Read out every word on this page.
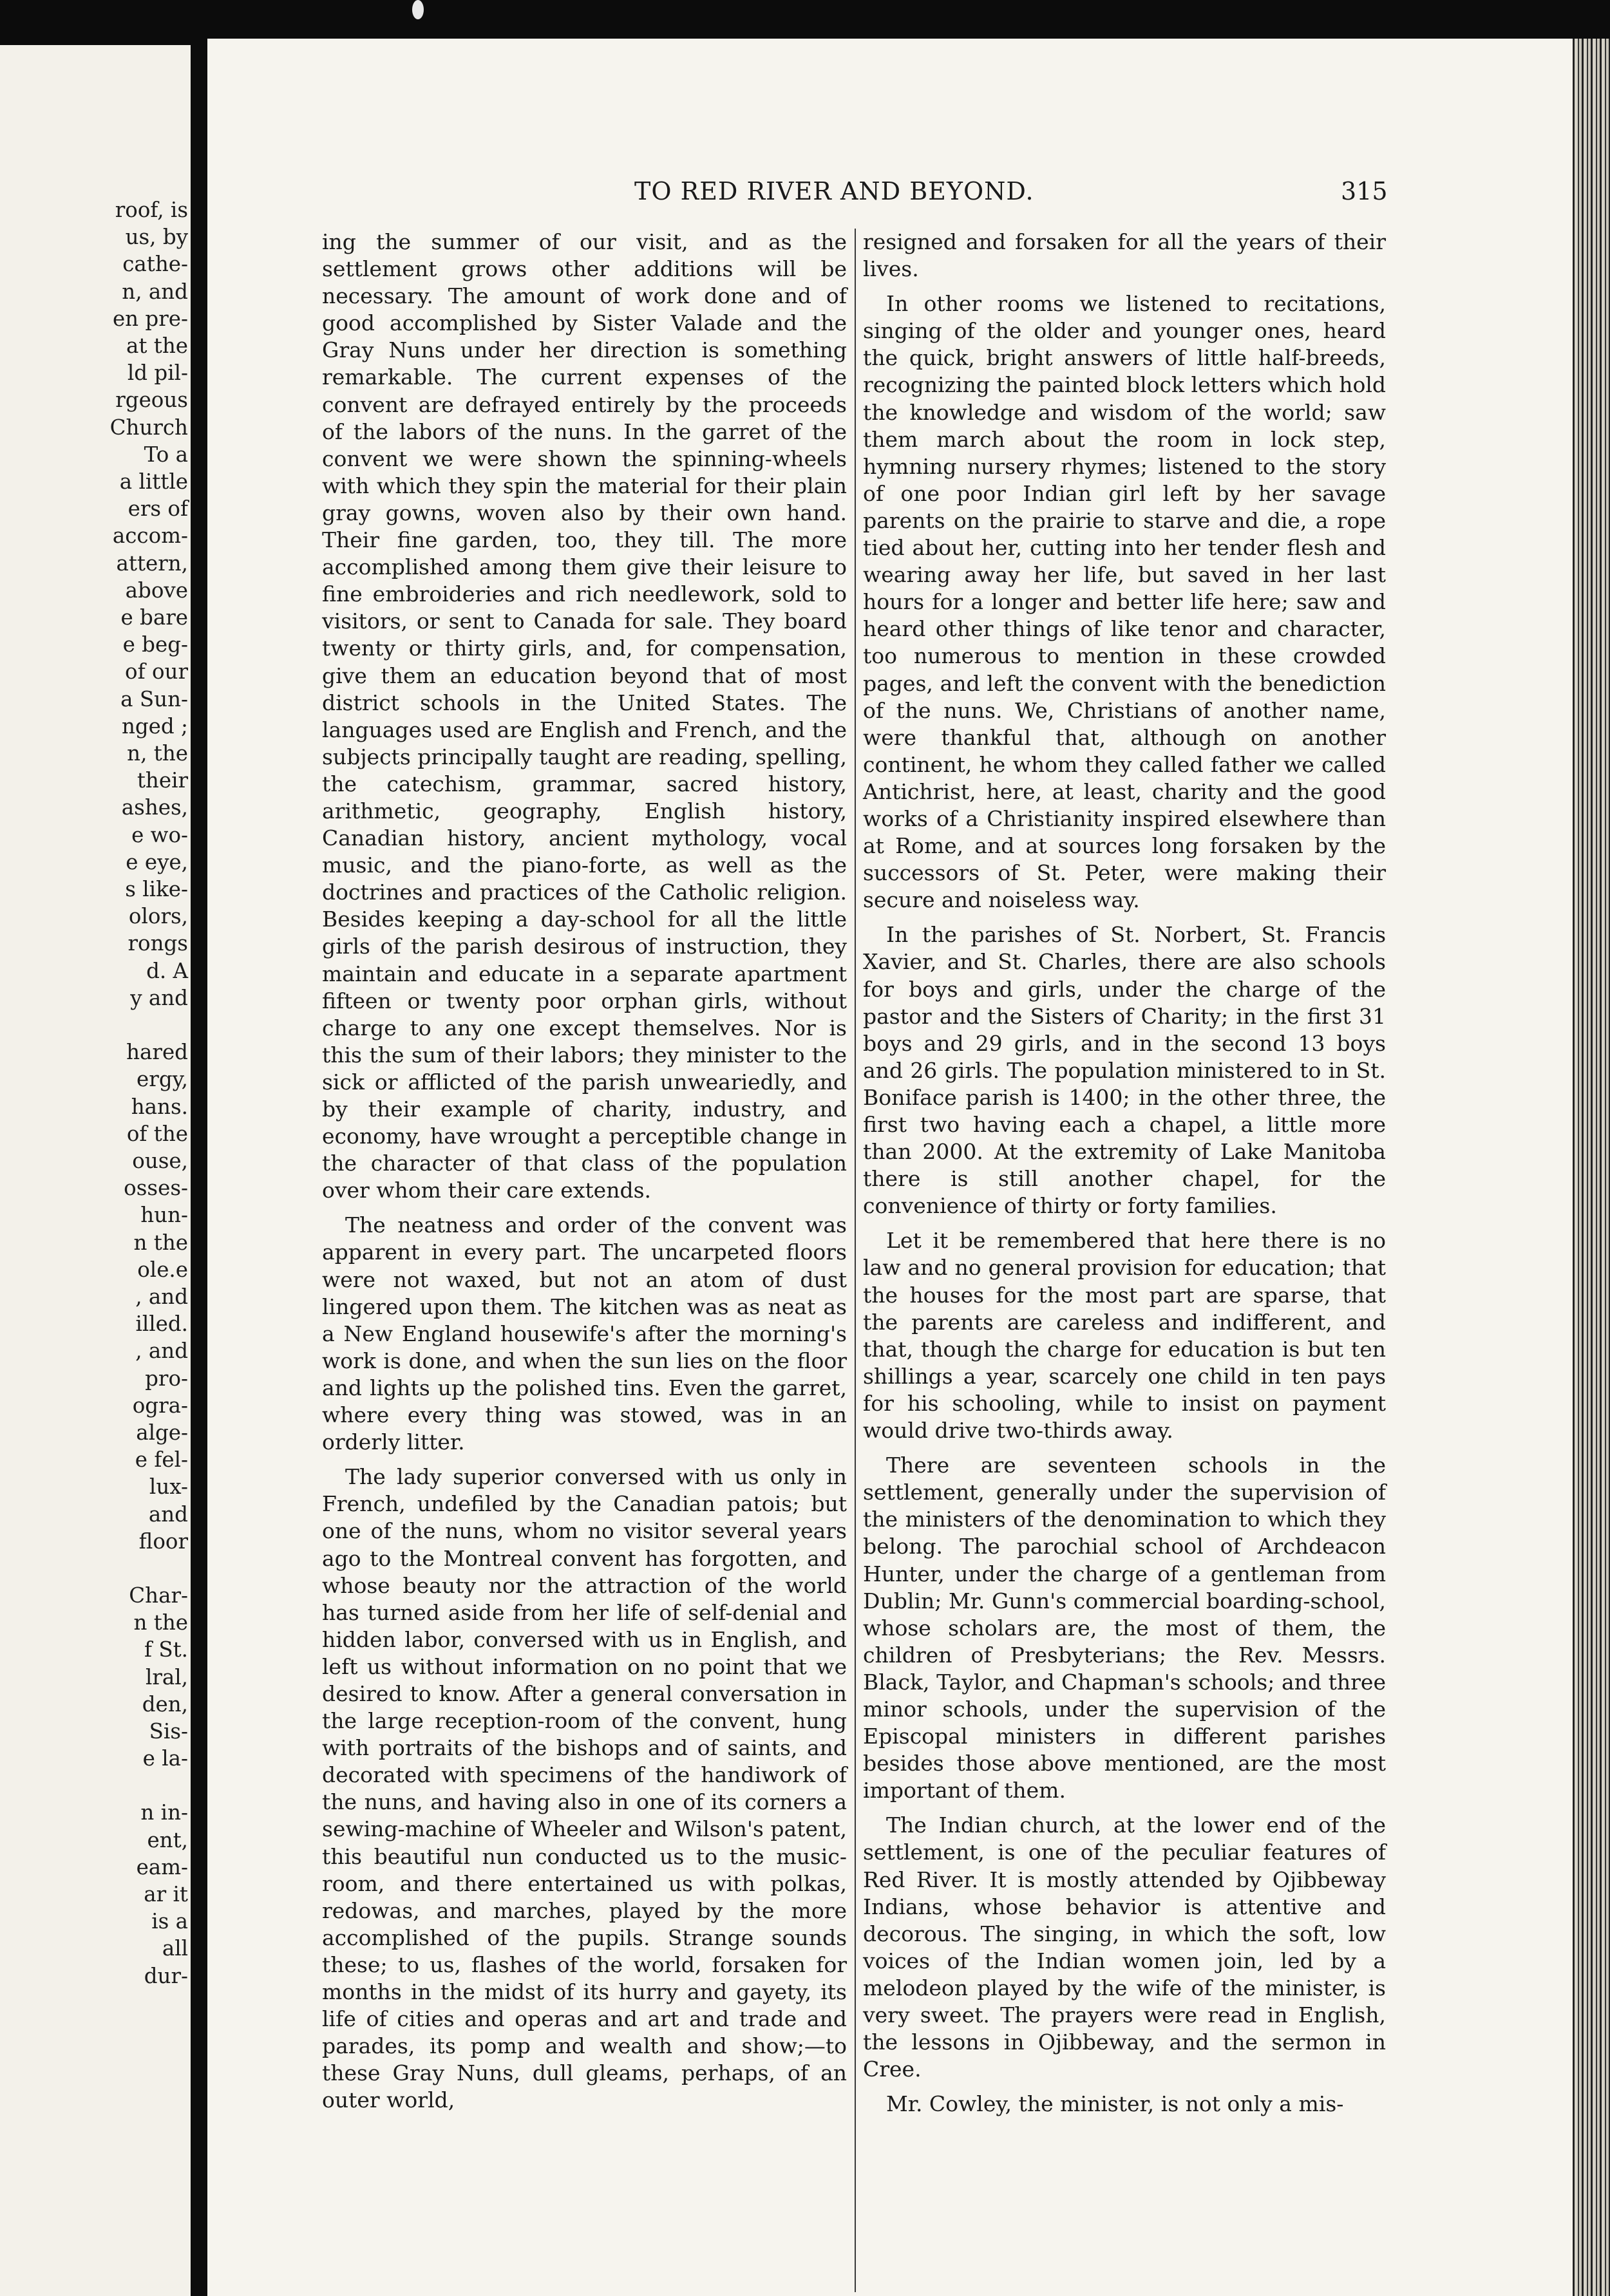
roof, is
us, by
cathe-
n, and
en pre-
at the
ld pil-
rgeous
Church
To a
a little
ers of
accom-
attern,
above
e bare
e beg-
of our
a Sun-
nged ;
n, the
their
ashes,
e wo-
e eye,
s like-
olors,
rongs
d. A
y and
hared
ergy,
hans.
of the
ouse,
osses-
hun-
n the
ole.e
, and
illed.
, and
pro-
ogra-
alge-
e fel-
lux-
and
floor
Char-
n the
f St.
lral,
den,
Sis-
e la-
n in-
ent,
eam-
ar it
is a
all
dur-
TO RED RIVER AND BEYOND.	315

ing the summer of our visit, and as the settlement grows other additions will be necessary. The amount of work done and of good accomplished by Sister Valade and the Gray Nuns under her direction is something remarkable. The current expenses of the convent are defrayed entirely by the proceeds of the labors of the nuns. In the garret of the convent we were shown the spinning-wheels with which they spin the material for their plain gray gowns, woven also by their own hand. Their fine garden, too, they till. The more accomplished among them give their leisure to fine embroideries and rich needlework, sold to visitors, or sent to Canada for sale. They board twenty or thirty girls, and, for compensation, give them an education beyond that of most district schools in the United States. The languages used are English and French, and the subjects principally taught are reading, spelling, the catechism, grammar, sacred history, arithmetic, geography, English history, Canadian history, ancient mythology, vocal music, and the piano-forte, as well as the doctrines and practices of the Catholic religion. Besides keeping a day-school for all the little girls of the parish desirous of instruction, they maintain and educate in a separate apartment fifteen or twenty poor orphan girls, without charge to any one except themselves. Nor is this the sum of their labors; they minister to the sick or afflicted of the parish unweariedly, and by their example of charity, industry, and economy, have wrought a perceptible change in the character of that class of the population over whom their care extends.

The neatness and order of the convent was apparent in every part. The uncarpeted floors were not waxed, but not an atom of dust lingered upon them. The kitchen was as neat as a New England housewife's after the morning's work is done, and when the sun lies on the floor and lights up the polished tins. Even the garret, where every thing was stowed, was in an orderly litter.

The lady superior conversed with us only in French, undefiled by the Canadian patois; but one of the nuns, whom no visitor several years ago to the Montreal convent has forgotten, and whose beauty nor the attraction of the world has turned aside from her life of self-denial and hidden labor, conversed with us in English, and left us without information on no point that we desired to know. After a general conversation in the large reception-room of the convent, hung with portraits of the bishops and of saints, and decorated with specimens of the handiwork of the nuns, and having also in one of its corners a sewing-machine of Wheeler and Wilson's patent, this beautiful nun conducted us to the music-room, and there entertained us with polkas, redowas, and marches, played by the more accomplished of the pupils. Strange sounds these; to us, flashes of the world, forsaken for months in the midst of its hurry and gayety, its life of cities and operas and art and trade and parades, its pomp and wealth and show;—to these Gray Nuns, dull gleams, perhaps, of an outer world,

resigned and forsaken for all the years of their lives.

In other rooms we listened to recitations, singing of the older and younger ones, heard the quick, bright answers of little half-breeds, recognizing the painted block letters which hold the knowledge and wisdom of the world; saw them march about the room in lock step, hymning nursery rhymes; listened to the story of one poor Indian girl left by her savage parents on the prairie to starve and die, a rope tied about her, cutting into her tender flesh and wearing away her life, but saved in her last hours for a longer and better life here; saw and heard other things of like tenor and character, too numerous to mention in these crowded pages, and left the convent with the benediction of the nuns. We, Christians of another name, were thankful that, although on another continent, he whom they called father we called Antichrist, here, at least, charity and the good works of a Christianity inspired elsewhere than at Rome, and at sources long forsaken by the successors of St. Peter, were making their secure and noiseless way.

In the parishes of St. Norbert, St. Francis Xavier, and St. Charles, there are also schools for boys and girls, under the charge of the pastor and the Sisters of Charity; in the first 31 boys and 29 girls, and in the second 13 boys and 26 girls. The population ministered to in St. Boniface parish is 1400; in the other three, the first two having each a chapel, a little more than 2000. At the extremity of Lake Manitoba there is still another chapel, for the convenience of thirty or forty families.

Let it be remembered that here there is no law and no general provision for education; that the houses for the most part are sparse, that the parents are careless and indifferent, and that, though the charge for education is but ten shillings a year, scarcely one child in ten pays for his schooling, while to insist on payment would drive two-thirds away.

There are seventeen schools in the settlement, generally under the supervision of the ministers of the denomination to which they belong. The parochial school of Archdeacon Hunter, under the charge of a gentleman from Dublin; Mr. Gunn's commercial boarding-school, whose scholars are, the most of them, the children of Presbyterians; the Rev. Messrs. Black, Taylor, and Chapman's schools; and three minor schools, under the supervision of the Episcopal ministers in different parishes besides those above mentioned, are the most important of them.

The Indian church, at the lower end of the settlement, is one of the peculiar features of Red River. It is mostly attended by Ojibbeway Indians, whose behavior is attentive and decorous. The singing, in which the soft, low voices of the Indian women join, led by a melodeon played by the wife of the minister, is very sweet. The prayers were read in English, the lessons in Ojibbeway, and the sermon in Cree.

Mr. Cowley, the minister, is not only a mis-
